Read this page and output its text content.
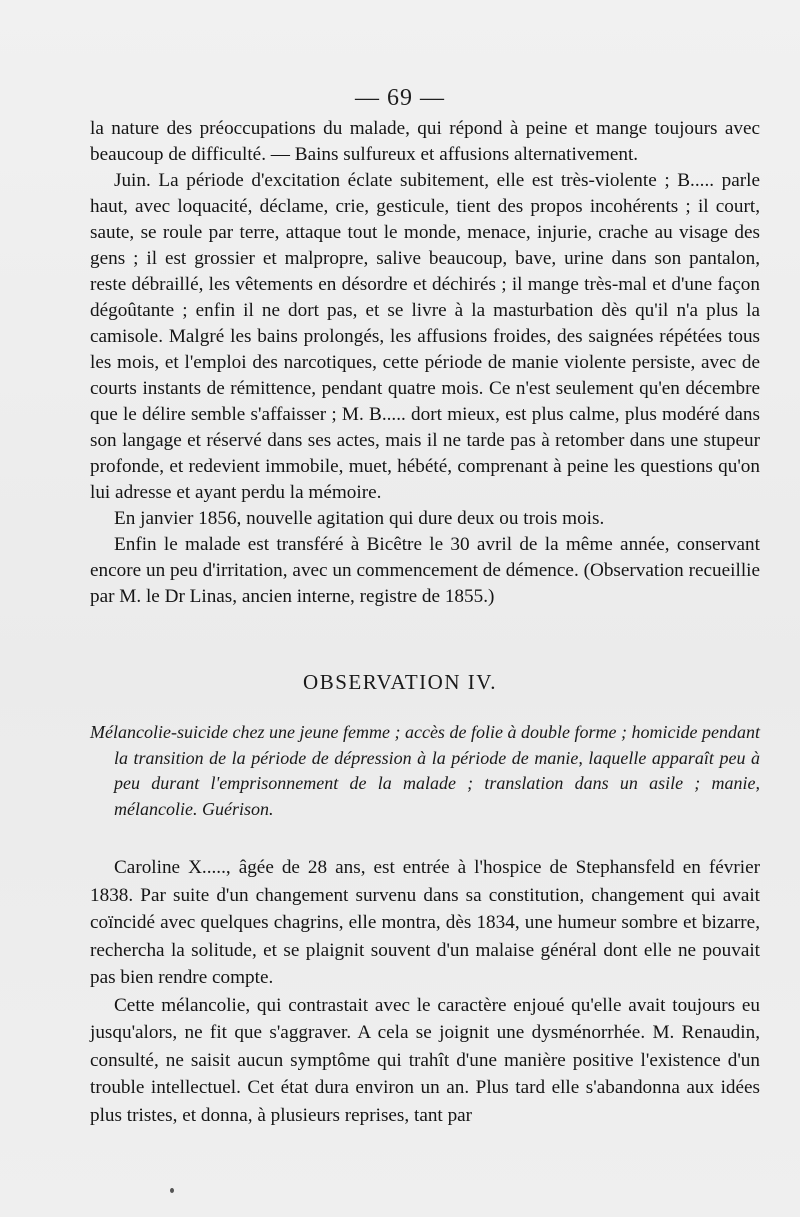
— 69 —

la nature des préoccupations du malade, qui répond à peine et mange toujours avec beaucoup de difficulté. — Bains sulfureux et affusions alternativement.

Juin. La période d'excitation éclate subitement, elle est très-violente ; B..... parle haut, avec loquacité, déclame, crie, gesticule, tient des propos incohérents ; il court, saute, se roule par terre, attaque tout le monde, menace, injurie, crache au visage des gens ; il est grossier et malpropre, salive beaucoup, bave, urine dans son pantalon, reste débraillé, les vêtements en désordre et déchirés ; il mange très-mal et d'une façon dégoûtante ; enfin il ne dort pas, et se livre à la masturbation dès qu'il n'a plus la camisole. Malgré les bains prolongés, les affusions froides, des saignées répétées tous les mois, et l'emploi des narcotiques, cette période de manie violente persiste, avec de courts instants de rémittence, pendant quatre mois. Ce n'est seulement qu'en décembre que le délire semble s'affaisser ; M. B..... dort mieux, est plus calme, plus modéré dans son langage et réservé dans ses actes, mais il ne tarde pas à retomber dans une stupeur profonde, et redevient immobile, muet, hébété, comprenant à peine les questions qu'on lui adresse et ayant perdu la mémoire.

En janvier 1856, nouvelle agitation qui dure deux ou trois mois.

Enfin le malade est transféré à Bicêtre le 30 avril de la même année, conservant encore un peu d'irritation, avec un commencement de démence. (Observation recueillie par M. le Dr Linas, ancien interne, registre de 1855.)

OBSERVATION IV.
Mélancolie-suicide chez une jeune femme ; accès de folie à double forme ; homicide pendant la transition de la période de dépression à la période de manie, laquelle apparaît peu à peu durant l'emprisonnement de la malade ; translation dans un asile ; manie, mélancolie. Guérison.

Caroline X....., âgée de 28 ans, est entrée à l'hospice de Stephansfeld en février 1838. Par suite d'un changement survenu dans sa constitution, changement qui avait coïncidé avec quelques chagrins, elle montra, dès 1834, une humeur sombre et bizarre, rechercha la solitude, et se plaignit souvent d'un malaise général dont elle ne pouvait pas bien rendre compte.

Cette mélancolie, qui contrastait avec le caractère enjoué qu'elle avait toujours eu jusqu'alors, ne fit que s'aggraver. A cela se joignit une dysménorrhée. M. Renaudin, consulté, ne saisit aucun symptôme qui trahît d'une manière positive l'existence d'un trouble intellectuel. Cet état dura environ un an. Plus tard elle s'abandonna aux idées plus tristes, et donna, à plusieurs reprises, tant par
